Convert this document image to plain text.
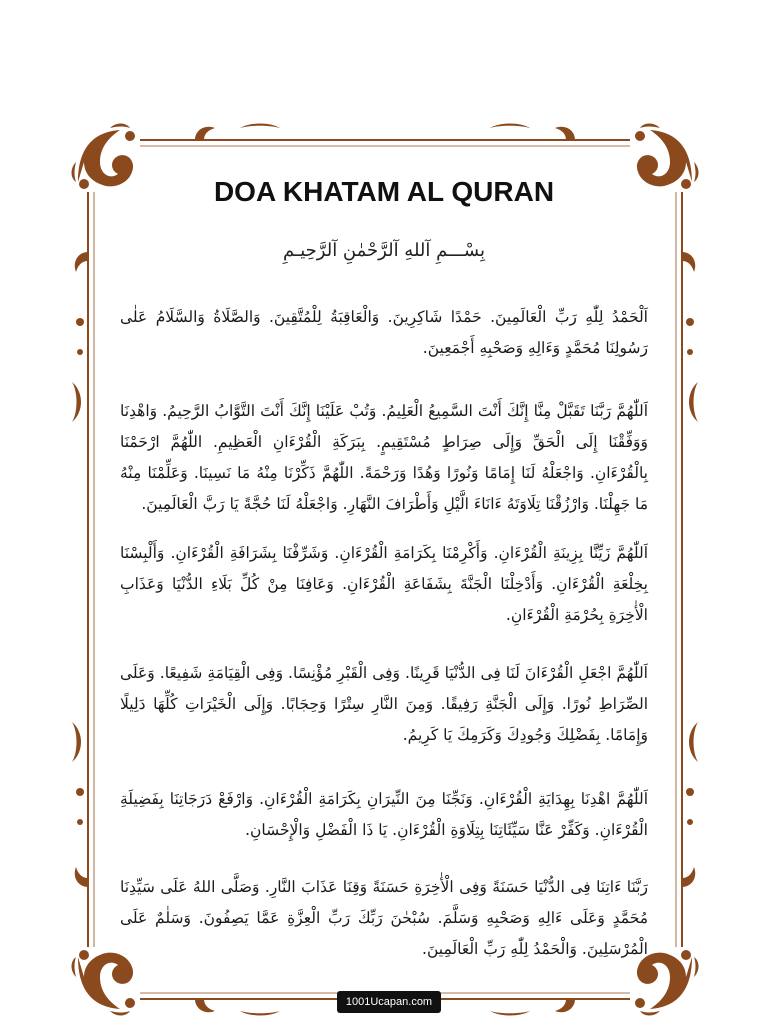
DOA KHATAM AL QURAN
بِسْـــمِ آللهِ آلرَّحْمٰنِ آلرَّحِيـمِ
اَلْحَمْدُ لِلّٰهِ رَبِّ الْعَالَمِينَ. حَمْدًا شَاكِرِينَ. وَالْعَاقِبَةُ لِلْمُتَّقِينَ. وَالصَّلَاةُ وَالسَّلَامُ عَلٰى رَسُولِنَا مُحَمَّدٍ وَءَالِهِ وَصَحْبِهِ أَجْمَعِينَ.
اَللّٰهُمَّ رَبَّنَا تَقَبَّلْ مِنَّا إِنَّكَ أَنْتَ السَّمِيعُ الْعَلِيمُ. وَتُبْ عَلَيْنَا إِنَّكَ أَنْتَ التَّوَّابُ الرَّحِيمُ. وَاهْدِنَا وَوَفِّقْنَا إِلَى الْحَقِّ وَإِلَى صِرَاطٍ مُسْتَقِيمٍ. بِبَرَكَةِ الْقُرْءَانِ الْعَظِيمِ. اللّٰهُمَّ ارْحَمْنَا بِالْقُرْءَانِ. وَاجْعَلْهُ لَنَا إِمَامًا وَنُورًا وَهُدًا وَرَحْمَةً. اللّٰهُمَّ ذَكِّرْنَا مِنْهُ مَا نَسِينَا. وَعَلِّمْنَا مِنْهُ مَا جَهِلْنَا. وَارْزُقْنَا تِلَاوَتَهُ ءَانَاءَ الَّيْلِ وَأَطْرَافَ النَّهَارِ. وَاجْعَلْهُ لَنَا حُجَّةً يَا رَبَّ الْعَالَمِينَ.
اَللّٰهُمَّ زَيِّنَّا بِزِينَةِ الْقُرْءَانِ. وَأَكْرِمْنَا بِكَرَامَةِ الْقُرْءَانِ. وَشَرِّفْنَا بِشَرَافَةِ الْقُرْءَانِ. وَأَلْبِسْنَا بِخِلْعَةِ الْقُرْءَانِ. وَأَدْخِلْنَا الْجَنَّةَ بِشَفَاعَةِ الْقُرْءَانِ. وَعَافِنَا مِنْ كُلِّ بَلَاءِ الدُّنْيَا وَعَذَابِ الْأٰخِرَةِ بِحُرْمَةِ الْقُرْءَانِ.
اَللّٰهُمَّ اجْعَلِ الْقُرْءَانَ لَنَا فِى الدُّنْيَا قَرِينًا. وَفِى الْقَبْرِ مُؤْنِسًا. وَفِى الْقِيَامَةِ شَفِيعًا. وَعَلَى الصِّرَاطِ نُورًا. وَإِلَى الْجَنَّةِ رَفِيقًا. وَمِنَ النَّارِ سِتْرًا وَحِجَابًا. وَإِلَى الْخَيْرَاتِ كُلِّهَا دَلِيلًا وَإِمَامًا. بِفَضْلِكَ وَجُودِكَ وَكَرَمِكَ يَا كَرِيمُ.
اَللّٰهُمَّ اهْدِنَا بِهِدَايَةِ الْقُرْءَانِ. وَنَجِّنَا مِنَ النِّيرَانِ بِكَرَامَةِ الْقُرْءَانِ. وَارْفَعْ دَرَجَاتِنَا بِفَضِيلَةِ الْقُرْءَانِ. وَكَفِّرْ عَنَّا سَيِّئَاتِنَا بِتِلَاوَةِ الْقُرْءَانِ. يَا ذَا الْفَضْلِ وَالْإِحْسَانِ.
رَبَّنَا ءَاتِنَا فِى الدُّنْيَا حَسَنَةً وَفِى الْأٰخِرَةِ حَسَنَةً وَقِنَا عَذَابَ النَّارِ. وَصَلَّى اللهُ عَلَى سَيِّدِنَا مُحَمَّدٍ وَعَلَى ءَالِهِ وَصَحْبِهِ وَسَلَّمَ. سُبْحٰنَ رَبِّكَ رَبِّ الْعِزَّةِ عَمَّا يَصِفُونَ. وَسَلٰمٌ عَلَى الْمُرْسَلِينَ. وَالْحَمْدُ لِلّٰهِ رَبِّ الْعَالَمِينَ.
1001Ucapan.com
